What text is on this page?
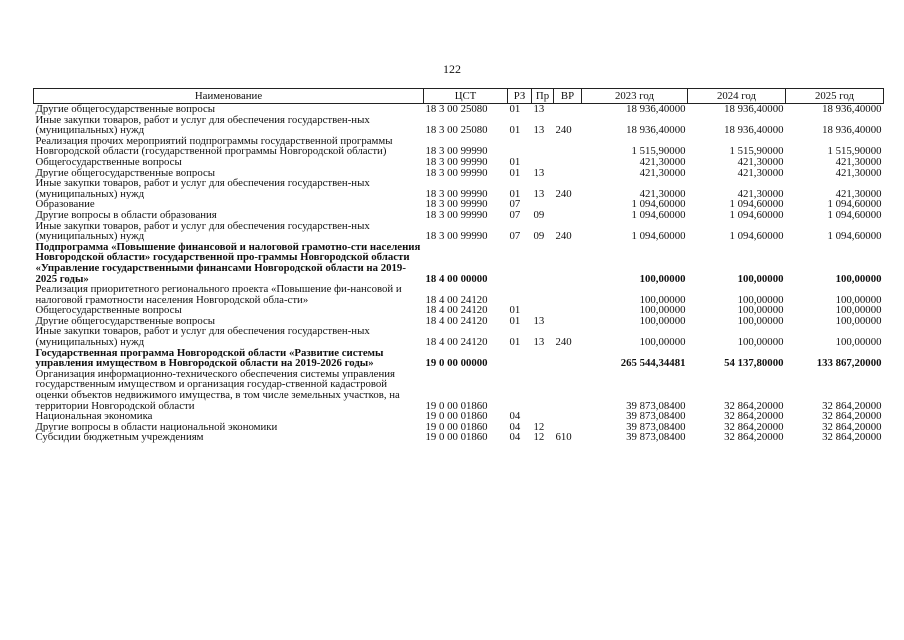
122
Наименование	ЦСТ	РЗ	Пр	ВР	2023 год	2024 год	2025 год
Другие общегосударственные вопросы	18 3 00 25080	01	13		18 936,40000	18 936,40000	18 936,40000
Иные закупки товаров, работ и услуг для обеспечения государствен-ных (муниципальных) нужд	18 3 00 25080	01	13	240	18 936,40000	18 936,40000	18 936,40000
Реализация прочих мероприятий подпрограммы государственной программы Новгородской области (государственной программы Новгородской области)	18 3 00 99990				1 515,90000	1 515,90000	1 515,90000
Общегосударственные вопросы	18 3 00 99990	01			421,30000	421,30000	421,30000
Другие общегосударственные вопросы	18 3 00 99990	01	13		421,30000	421,30000	421,30000
Иные закупки товаров, работ и услуг для обеспечения государствен-ных (муниципальных) нужд	18 3 00 99990	01	13	240	421,30000	421,30000	421,30000
Образование	18 3 00 99990	07			1 094,60000	1 094,60000	1 094,60000
Другие вопросы в области образования	18 3 00 99990	07	09		1 094,60000	1 094,60000	1 094,60000
Иные закупки товаров, работ и услуг для обеспечения государствен-ных (муниципальных) нужд	18 3 00 99990	07	09	240	1 094,60000	1 094,60000	1 094,60000
Подпрограмма «Повышение финансовой и налоговой грамотно-сти населения Новгородской области» государственной про-граммы Новгородской области «Управление государственными финансами Новгородской области на 2019-2025 годы»	18 4 00 00000				100,00000	100,00000	100,00000
Реализация приоритетного регионального проекта «Повышение фи-нансовой и налоговой грамотности населения Новгородской обла-сти»	18 4 00 24120				100,00000	100,00000	100,00000
Общегосударственные вопросы	18 4 00 24120	01			100,00000	100,00000	100,00000
Другие общегосударственные вопросы	18 4 00 24120	01	13		100,00000	100,00000	100,00000
Иные закупки товаров, работ и услуг для обеспечения государствен-ных (муниципальных) нужд	18 4 00 24120	01	13	240	100,00000	100,00000	100,00000
Государственная программа Новгородской области «Развитие системы управления имуществом в Новгородской области на 2019-2026 годы»	19 0 00 00000				265 544,34481	54 137,80000	133 867,20000
Организация информационно-технического обеспечения системы управления государственным имуществом и организация государ-ственной кадастровой оценки объектов недвижимого имущества, в том числе земельных участков, на территории Новгородской области	19 0 00 01860				39 873,08400	32 864,20000	32 864,20000
Национальная экономика	19 0 00 01860	04			39 873,08400	32 864,20000	32 864,20000
Другие вопросы в области национальной экономики	19 0 00 01860	04	12		39 873,08400	32 864,20000	32 864,20000
Субсидии бюджетным учреждениям	19 0 00 01860	04	12	610	39 873,08400	32 864,20000	32 864,20000
